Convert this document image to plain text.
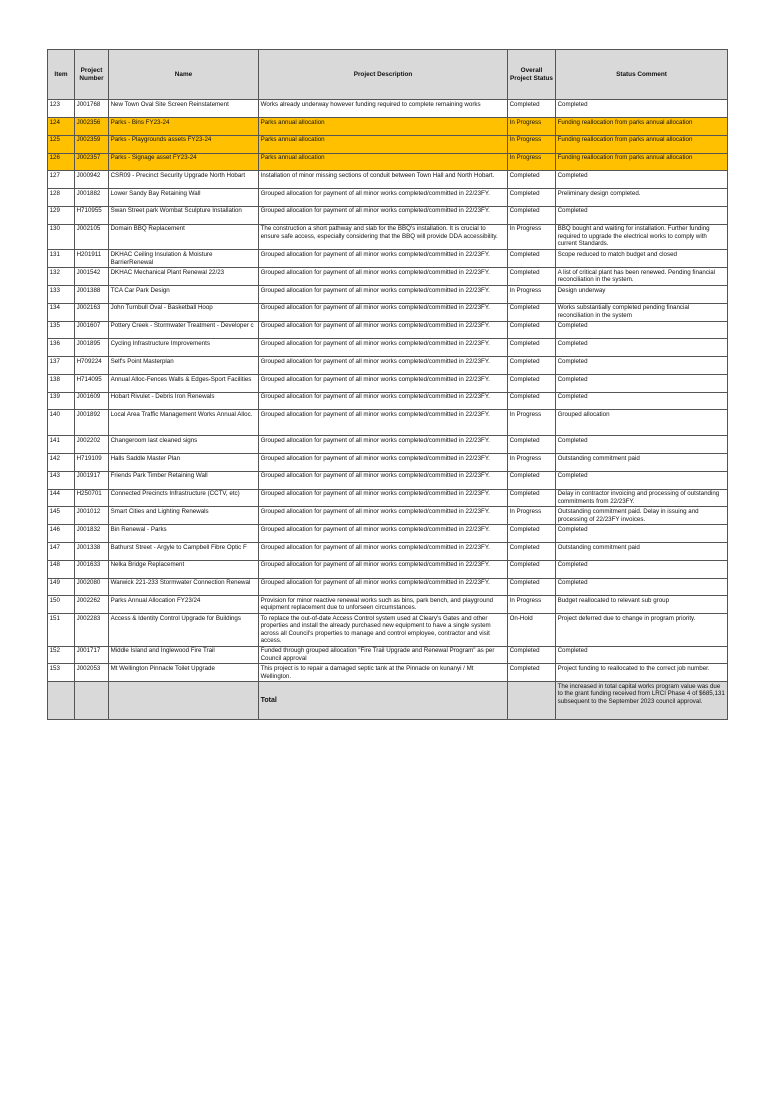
Item	Project Number	Name	Project Description	Overall Project Status	Status Comment
123	J001768	New Town Oval Site Screen Reinstatement	Works already underway however funding required to complete remaining works	Completed	Completed
124	J002356	Parks - Bins FY23-24	Parks annual allocation	In Progress	Funding reallocation from parks annual allocation
125	J002359	Parks - Playgrounds assets FY23-24	Parks annual allocation	In Progress	Funding reallocation from parks annual allocation
126	J002357	Parks - Signage asset FY23-24	Parks annual allocation	In Progress	Funding reallocation from parks annual allocation
127	J000942	CSR09 - Precinct Security Upgrade North Hobart	Installation of minor missing sections of conduit between Town Hall and North Hobart.	Completed	Completed
128	J001882	Lower Sandy Bay Retaining Wall	Grouped allocation for payment of all minor works completed/committed in 22/23FY.	Completed	Preliminary design completed.
129	H710955	Swan Street park Wombat Sculpture Installation	Grouped allocation for payment of all minor works completed/committed in 22/23FY.	Completed	Completed
130	J002105	Domain BBQ Replacement	The construction a short pathway and slab for the BBQ's installation. It is crucial to ensure safe access, especially considering that the BBQ will provide DDA accessibility.	In Progress	BBQ bought and waiting for installation. Further funding required to upgrade the electrical works to comply with current Standards.
131	H201911	DKHAC Ceiling Insulation & Moisture BarrierRenewal	Grouped allocation for payment of all minor works completed/committed in 22/23FY.	Completed	Scope reduced to match budget and closed
132	J001542	DKHAC Mechanical Plant Renewal 22/23	Grouped allocation for payment of all minor works completed/committed in 22/23FY.	Completed	A list of critical plant has been renewed. Pending financial reconciliation in the system.
133	J001388	TCA Car Park Design	Grouped allocation for payment of all minor works completed/committed in 22/23FY.	In Progress	Design underway
134	J002163	John Turnbull Oval - Basketball Hoop	Grouped allocation for payment of all minor works completed/committed in 22/23FY.	Completed	Works substantially completed pending financial reconciliation in the system
135	J001607	Pottery Creek - Stormwater Treatment - Developer c	Grouped allocation for payment of all minor works completed/committed in 22/23FY.	Completed	Completed
136	J001895	Cycling Infrastructure Improvements	Grouped allocation for payment of all minor works completed/committed in 22/23FY.	Completed	Completed
137	H709224	Self's Point Masterplan	Grouped allocation for payment of all minor works completed/committed in 22/23FY.	Completed	Completed
138	H714095	Annual Alloc-Fences Walls & Edges-Sport Facilities	Grouped allocation for payment of all minor works completed/committed in 22/23FY.	Completed	Completed
139	J001609	Hobart Rivulet - Debris Iron Renewals	Grouped allocation for payment of all minor works completed/committed in 22/23FY.	Completed	Completed
140	J001892	Local Area Traffic Management Works Annual Alloc.	Grouped allocation for payment of all minor works completed/committed in 22/23FY.	In Progress	Grouped allocation
141	J002202	Changeroom last cleaned signs	Grouped allocation for payment of all minor works completed/committed in 22/23FY.	Completed	Completed
142	H719109	Halls Saddle Master Plan	Grouped allocation for payment of all minor works completed/committed in 22/23FY.	In Progress	Outstanding commitment paid
143	J001917	Friends Park Timber Retaining Wall	Grouped allocation for payment of all minor works completed/committed in 22/23FY.	Completed	Completed
144	H250701	Connected Precincts Infrastructure (CCTV, etc)	Grouped allocation for payment of all minor works completed/committed in 22/23FY.	Completed	Delay in contractor invoicing and processing of outstanding commitments from 22/23FY.
145	J001012	Smart Cities and Lighting Renewals	Grouped allocation for payment of all minor works completed/committed in 22/23FY.	In Progress	Outstanding commitment paid. Delay in issuing and processing of 22/23FY invoices.
146	J001832	Bin Renewal - Parks	Grouped allocation for payment of all minor works completed/committed in 22/23FY.	Completed	Completed
147	J001338	Bathurst Street - Argyle to Campbell Fibre Optic F	Grouped allocation for payment of all minor works completed/committed in 22/23FY.	Completed	Outstanding commitment paid
148	J001633	Nelka Bridge Replacement	Grouped allocation for payment of all minor works completed/committed in 22/23FY.	Completed	Completed
149	J002080	Warwick 221-233 Stormwater Connection Renewal	Grouped allocation for payment of all minor works completed/committed in 22/23FY.	Completed	Completed
150	J002262	Parks Annual Allocation FY23/24	Provision for minor reactive renewal works such as bins, park bench, and playground equipment replacement due to unforseen circumstances.	In Progress	Budget reallocated to relevant sub group
151	J002283	Access & Identity Control Upgrade for Buildings	To replace the out-of-date Access Control system used at Cleary's Gates and other properties and install the already purchased new equipment to have a single system across all Council's properties to manage and control employee, contractor and visit access.	On-Hold	Project deferred due to change in program priority.
152	J001717	Middle Island and Inglewood Fire Trail	Funded through grouped allocation "Fire Trail Upgrade and Renewal Program" as per Council approval	Completed	Completed
153	J002053	Mt Wellington Pinnacle Toilet Upgrade	This project is to repair a damaged septic tank at the Pinnacle on kunanyi / Mt Wellington.	Completed	Project funding to reallocated to the correct job number.
			Total		The increased in total capital works program value was due to the grant funding received from LRCI Phase 4 of $685,131 subsequent to the September 2023 council approval.
